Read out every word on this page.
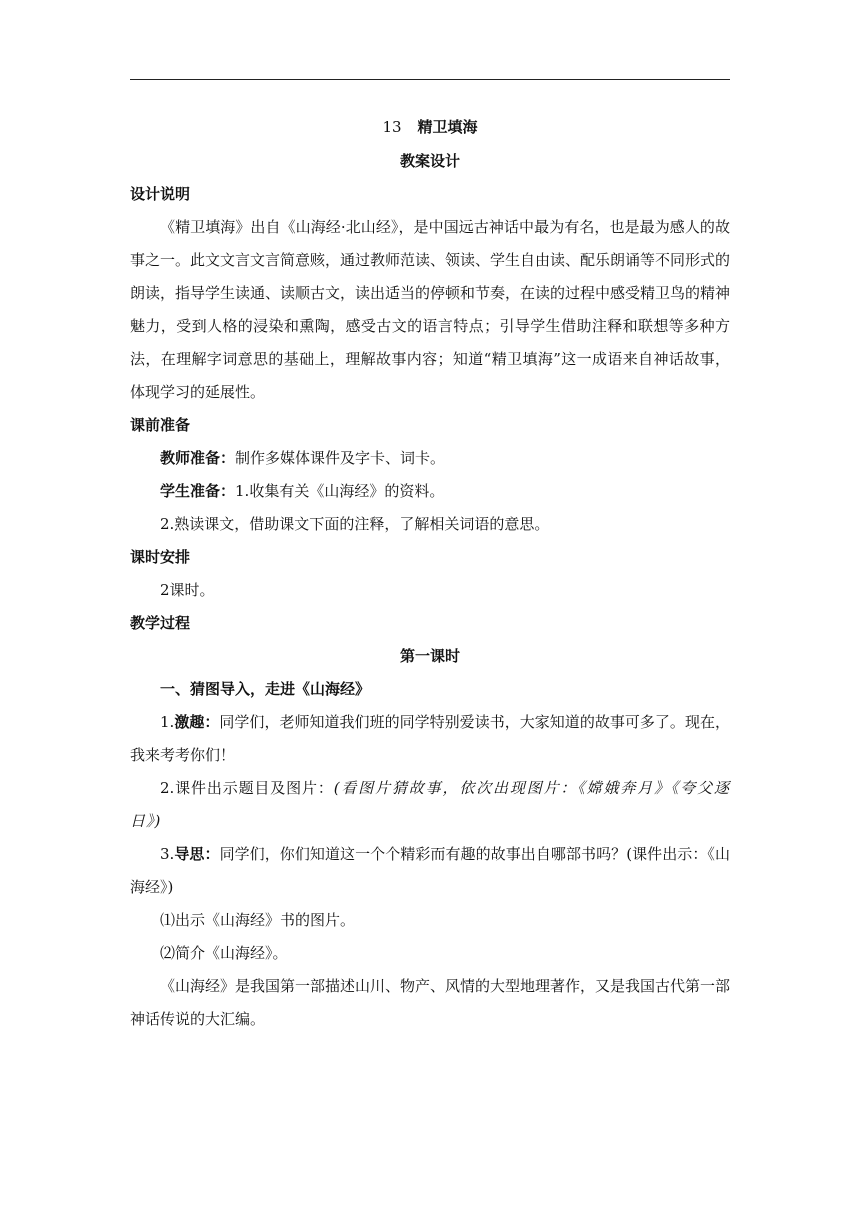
13 精卫填海
教案设计
设计说明

《精卫填海》出自《山海经·北山经》，是中国远古神话中最为有名，也是最为感人的故事之一。此文文言文言简意赅，通过教师范读、领读、学生自由读、配乐朗诵等不同形式的朗读，指导学生读通、读顺古文，读出适当的停顿和节奏，在读的过程中感受精卫鸟的精神魅力，受到人格的浸染和熏陶，感受古文的语言特点；引导学生借助注释和联想等多种方法，在理解字词意思的基础上，理解故事内容；知道“精卫填海”这一成语来自神话故事，体现学习的延展性。

课前准备

教师准备：制作多媒体课件及字卡、词卡。

学生准备：1.收集有关《山海经》的资料。

2.熟读课文，借助课文下面的注释，了解相关词语的意思。

课时安排

2课时。

教学过程
第一课时

一、猜图导入，走进《山海经》

1.激趣：同学们，老师知道我们班的同学特别爱读书，大家知道的故事可多了。现在，我来考考你们！

2.课件出示题目及图片：(看图片猜故事，依次出现图片：《嫦娥奔月》《夸父逐日》)

3.导思：同学们，你们知道这一个个精彩而有趣的故事出自哪部书吗？(课件出示：《山海经》)

⑴出示《山海经》书的图片。

⑵简介《山海经》。

《山海经》是我国第一部描述山川、物产、风情的大型地理著作，又是我国古代第一部神话传说的大汇编。
